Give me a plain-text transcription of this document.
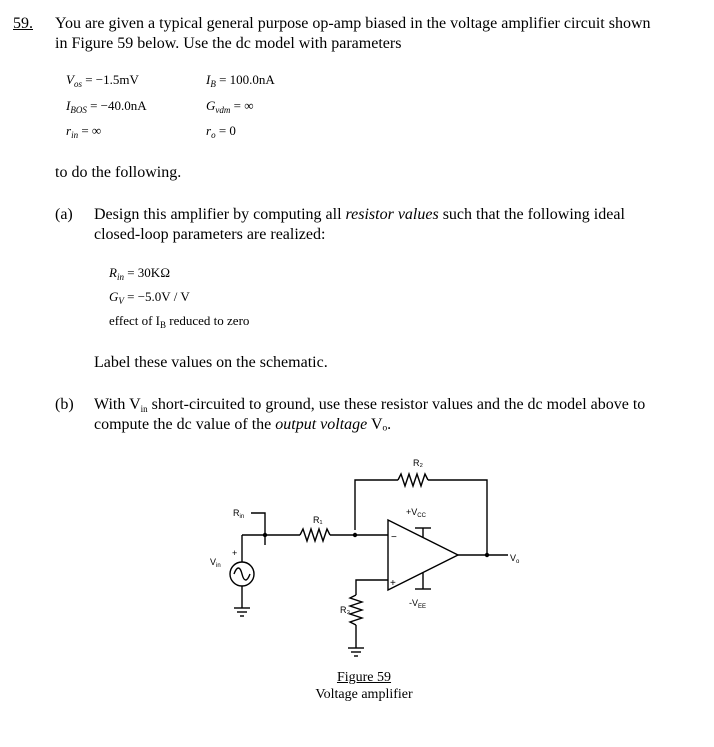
59. You are given a typical general purpose op-amp biased in the voltage amplifier circuit shown
in Figure 59 below. Use the dc model with parameters
$V_{os} = -1.5mV$	$I_B = 100.0nA$
$I_{BOS} = -40.0nA$	$G_{vdm}$ = ∞
$r_{in}$ = ∞	$r_o = 0$
to do the following.
(a) Design this amplifier by computing all resistor values such that the following ideal
closed-loop parameters are realized:
$R_{in}$ = 30KΩ
$G_V = -5.0V / V$
effect of $I_B$ reduced to zero
Label these values on the schematic.
(b) With $V_{in}$ short-circuited to ground, use these resistor values and the dc model above to
compute the dc value of the output voltage Vₒ.
R₂
$R_{in}$	R₁
R₃
$V_{in}$
$+V_{CC}$
$-V_{EE}$
$V_o$
−
+
+
Figure 59
Voltage amplifier
